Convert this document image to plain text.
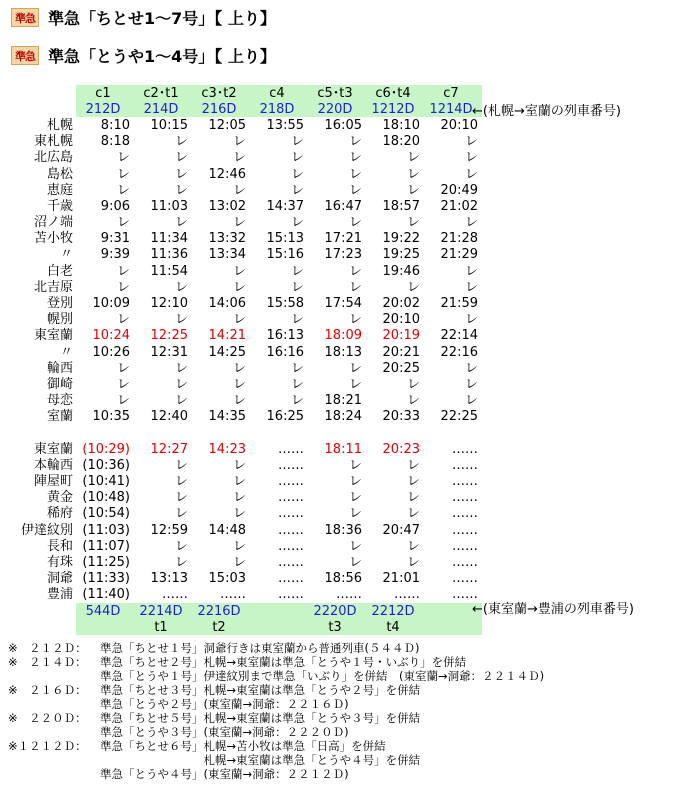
準急 準急「ちとせ1～7号」【 上り】
準急 準急「とうや1～4号」【 上り】
	c1	c2･t1	c3･t2	c4	c5･t3	c6･t4	c7
	212D	214D	216D	218D	220D	1212D	1214D
札幌	8:10	10:15	12:05	13:55	16:05	18:10	20:10
東札幌	8:18	レ	レ	レ	レ	18:20	レ
北広島	レ	レ	レ	レ	レ	レ	レ
島松	レ	レ	12:46	レ	レ	レ	レ
恵庭	レ	レ	レ	レ	レ	レ	20:49
千歳	9:06	11:03	13:02	14:37	16:47	18:57	21:02
沼ノ端	レ	レ	レ	レ	レ	レ	レ
苫小牧	9:31	11:34	13:32	15:13	17:21	19:22	21:28
〃	9:39	11:36	13:34	15:16	17:23	19:25	21:29
白老	レ	11:54	レ	レ	レ	19:46	レ
北吉原	レ	レ	レ	レ	レ	レ	レ
登別	10:09	12:10	14:06	15:58	17:54	20:02	21:59
幌別	レ	レ	レ	レ	レ	20:10	レ
東室蘭	10:24	12:25	14:21	16:13	18:09	20:19	22:14
〃	10:26	12:31	14:25	16:16	18:13	20:21	22:16
輪西	レ	レ	レ	レ	レ	20:25	レ
御崎	レ	レ	レ	レ	レ	レ	レ
母恋	レ	レ	レ	レ	18:21	レ	レ
室蘭	10:35	12:40	14:35	16:25	18:24	20:33	22:25

東室蘭	(10:29)	12:27	14:23	‥‥‥	18:11	20:23	‥‥‥
本輪西	(10:36)	レ	レ	‥‥‥	レ	レ	‥‥‥
陣屋町	(10:41)	レ	レ	‥‥‥	レ	レ	‥‥‥
黄金	(10:48)	レ	レ	‥‥‥	レ	レ	‥‥‥
稀府	(10:54)	レ	レ	‥‥‥	レ	レ	‥‥‥
伊達紋別	(11:03)	12:59	14:48	‥‥‥	18:36	20:47	‥‥‥
長和	(11:07)	レ	レ	‥‥‥	レ	レ	‥‥‥
有珠	(11:25)	レ	レ	‥‥‥	レ	レ	‥‥‥
洞爺	(11:33)	13:13	15:03	‥‥‥	18:56	21:01	‥‥‥
豊浦	(11:40)	‥‥‥	‥‥‥	‥‥‥	‥‥‥	‥‥‥	‥‥‥
	544D	2214D	2216D		2220D	2212D	
		t1	t2		t3	t4	
←(札幌→室蘭の列車番号)
←(東室蘭→豊浦の列車番号)
※　２１２Ｄ：	準急「ちとせ１号」洞爺行きは東室蘭から普通列車(５４４Ｄ)
※　２１４Ｄ：	準急「ちとせ２号」札幌→東室蘭は準急「とうや１号・いぶり」を併結
準急「とうや１号」伊達紋別まで準急「いぶり」を併結　(東室蘭→洞爺：２２１４Ｄ)
※　２１６Ｄ：	準急「ちとせ３号」札幌→東室蘭は準急「とうや２号」を併結
準急「とうや２号」(東室蘭→洞爺：２２１６Ｄ)
※　２２０Ｄ：	準急「ちとせ５号」札幌→東室蘭は準急「とうや３号」を併結
準急「とうや３号」(東室蘭→洞爺：２２２０Ｄ)
※１２１２Ｄ：	準急「ちとせ６号」札幌→苫小牧は準急「日高」を併結
　　　　　　　　　札幌→東室蘭は準急「とうや４号」を併結
準急「とうや４号」(東室蘭→洞爺：２２１２Ｄ)
